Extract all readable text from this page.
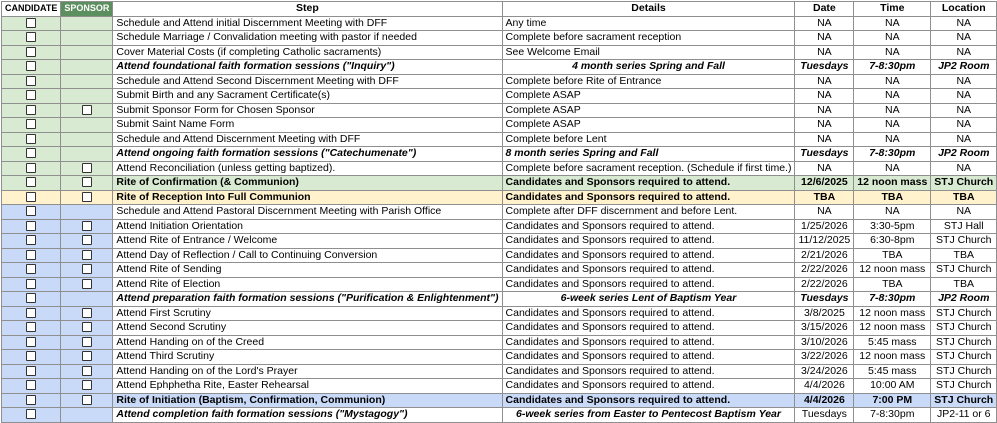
CANDIDATE	SPONSOR	Step	Details	Date	Time	Location
		Schedule and Attend initial Discernment Meeting with DFF	Any time	NA	NA	NA
		Schedule Marriage / Convalidation meeting with pastor if needed	Complete before sacrament reception	NA	NA	NA
		Cover Material Costs (if completing Catholic sacraments)	See Welcome Email	NA	NA	NA
		Attend foundational faith formation sessions ("Inquiry")	4 month series Spring and Fall	Tuesdays	7-8:30pm	JP2 Room
		Schedule and Attend Second Discernment Meeting with DFF	Complete before Rite of Entrance	NA	NA	NA
		Submit Birth and any Sacrament Certificate(s)	Complete ASAP	NA	NA	NA
		Submit Sponsor Form for Chosen Sponsor	Complete ASAP	NA	NA	NA
		Submit Saint Name Form	Complete ASAP	NA	NA	NA
		Schedule and Attend Discernment Meeting with DFF	Complete before Lent	NA	NA	NA
		Attend ongoing faith formation sessions ("Catechumenate")	8 month series Spring and Fall	Tuesdays	7-8:30pm	JP2 Room
		Attend Reconciliation (unless getting baptized).	Complete before sacrament reception. (Schedule if first time.)	NA	NA	NA
		Rite of Confirmation (& Communion)	Candidates and Sponsors required to attend.	12/6/2025	12 noon mass	STJ Church
		Rite of Reception Into Full Communion	Candidates and Sponsors required to attend.	TBA	TBA	TBA
		Schedule and Attend Pastoral Discernment Meeting with Parish Office	Complete after DFF discernment and before Lent.	NA	NA	NA
		Attend Initiation Orientation	Candidates and Sponsors required to attend.	1/25/2026	3:30-5pm	STJ Hall
		Attend Rite of Entrance / Welcome	Candidates and Sponsors required to attend.	11/12/2025	6:30-8pm	STJ Church
		Attend Day of Reflection / Call to Continuing Conversion	Candidates and Sponsors required to attend.	2/21/2026	TBA	TBA
		Attend Rite of Sending	Candidates and Sponsors required to attend.	2/22/2026	12 noon mass	STJ Church
		Attend Rite of Election	Candidates and Sponsors required to attend.	2/22/2026	TBA	TBA
		Attend preparation faith formation sessions ("Purification & Enlightenment")	6-week series Lent of Baptism Year	Tuesdays	7-8:30pm	JP2 Room
		Attend First Scrutiny	Candidates and Sponsors required to attend.	3/8/2025	12 noon mass	STJ Church
		Attend Second Scrutiny	Candidates and Sponsors required to attend.	3/15/2026	12 noon mass	STJ Church
		Attend Handing on of the Creed	Candidates and Sponsors required to attend.	3/10/2026	5:45 mass	STJ Church
		Attend Third Scrutiny	Candidates and Sponsors required to attend.	3/22/2026	12 noon mass	STJ Church
		Attend Handing on of the Lord's Prayer	Candidates and Sponsors required to attend.	3/24/2026	5:45 mass	STJ Church
		Attend Ephphetha Rite, Easter Rehearsal	Candidates and Sponsors required to attend.	4/4/2026	10:00 AM	STJ Church
		Rite of Initiation (Baptism, Confirmation, Communion)	Candidates and Sponsors required to attend.	4/4/2026	7:00 PM	STJ Church
		Attend completion faith formation sessions ("Mystagogy")	6-week series from Easter to Pentecost Baptism Year	Tuesdays	7-8:30pm	JP2-11 or 6
